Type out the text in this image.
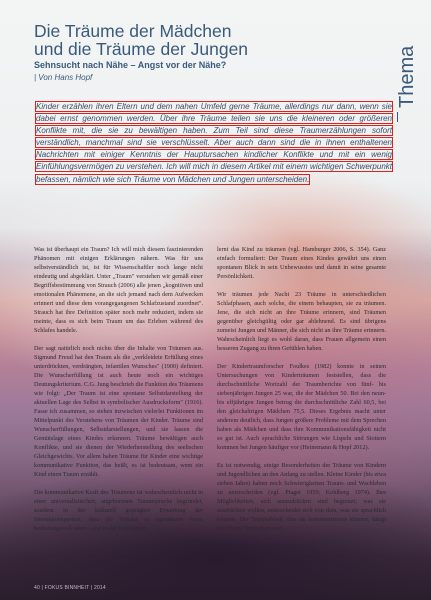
Die Träume der Mädchen
und die Träume der Jungen
Sehnsucht nach Nähe – Angst vor der Nähe?
| Von Hans Hopf	Thema
Kinder erzählen ihren Eltern und dem nahen Umfeld gerne Träume, allerdings nur dann, wenn sie dabei ernst genommen werden. Über ihre Träume teilen sie uns die kleineren oder größeren Konflikte mit, die sie zu bewältigen haben. Zum Teil sind diese Traumerzählungen sofort verständlich, manchmal sind sie verschlüsselt. Aber auch dann sind die in ihnen enthaltenen Nachrichten mit einiger Kenntnis der Hauptursachen kindlicher Konflikte und mit ein wenig Einfühlungsvermögen zu verstehen. Ich will mich in diesem Artikel mit einem wichtigen Schwerpunkt befassen, nämlich wie sich Träume von Mädchen und Jungen unterscheiden.

Was ist überhaupt ein Traum? Ich will mich diesem faszinierenden Phänomen mit einigen Erklärungen nähern. Was für uns selbstverständlich ist, ist für Wissenschaftler noch lange nicht eindeutig und abgeklärt. Unter „Traum" verstehen wir gemäß einer Begriffsbestimmung von Strauch (2006) alle jenen „kognitiven und emotionalen Phänomene, an die sich jemand nach dem Aufwecken erinnert und diese dem vorangegangenen Schlafzustand zuordnet". Strauch hat ihre Definition später noch mehr reduziert, indem sie meinte, dass es sich beim Traum um das Erleben während des Schlafes handele.

Der sagt natürlich noch nichts über die Inhalte von Träumen aus. Sigmund Freud hat den Traum als die „verkleidete Erfüllung eines unterdrückten, verdrängten, infantilen Wunsches" (1900) definiert. Die Wunscherfüllung ist auch heute noch ein wichtiges Deutungskriterium. C.G. Jung beschrieb die Funktion des Träumens wie folgt: „Der Traum ist eine spontane Selbstdarstellung der aktuellen Lage des Selbst in symbolischer Ausdrucksform" (1916). Fasse ich zusammen, so stehen inzwischen vielerlei Funktionen im Mittelpunkt des Verstehens von Träumen der Kinder. Träume sind Wunscherfüllungen, Selbstdarstellungen, und sie lassen die Gemütslage eines Kindes erkennen. Träume bewältigen auch Konflikte, und sie dienen der Wiederherstellung des seelischen Gleichgewichts. Vor allem haben Träume für Kinder eine wichtige kommunikative Funktion, das heißt, es ist bedeutsam, wem ein Kind einen Traum erzählt.

Die kommunikative Kraft des Träumens ist wahrscheinlich nicht in einer universalistischen, angeborenen Traumsprache begründet, sondern in der kulturell geprägten Erwartung der Interaktionspartner, dass die Träume in irgendeiner Form bedeutungsvoll seien – erst in der Interaktion

lernt das Kind zu träumen (vgl. Hamburger 2006, S. 354). Ganz einfach formuliert: Der Traum eines Kindes gewährt uns einen spontanen Blick in sein Unbewusstes und damit in seine gesamte Persönlichkeit.

Wir träumen jede Nacht 23 Träume in unterschiedlichen Schlafphasen, auch solche, die einem behaupten, sie zu träumen. Jene, die sich nicht an ihre Träume erinnern, sind Träumen gegenüber gleichgültig oder gar ablehnend. Es sind übrigens zumeist Jungen und Männer, die sich nicht an ihre Träume erinnern. Wahrscheinlich liegt es wohl daran, dass Frauen allgemein einen besseren Zugang zu ihren Gefühlen haben.

Der Kindertraumforscher Foulkes (1982) konnte in seinen Untersuchungen von Kinderträumen feststellen, dass die durchschnittliche Wortzahl der Traumberichte von fünf- bis siebenjährigen Jungen 25 war, die der Mädchen 50. Bei den neun- bis elfjährigen Jungen betrug die durchschnittliche Zahl 60,5, bei den gleichaltrigen Mädchen 75,5. Dieses Ergebnis macht unter anderem deutlich, dass Jungen größere Probleme mit dem Sprechen haben als Mädchen und dass ihre Kommunikationsfähigkeit nicht so gut ist. Auch sprachliche Störungen wie Lispeln und Stottern kommen bei Jungen häufiger vor (Heinemann & Hopf 2012).

Es ist notwendig, einige Besonderheiten der Träume von Kindern und Jugendlichen an den Anfang zu stellen. Kleine Kinder (bis etwa sieben Jahre) haben noch Schwierigkeiten Traum- und Wachleben zu unterscheiden (vgl. Piaget 1959; Kohlberg 1974). Ihre Möglichkeiten, sich auszudrücken sind begrenzt; was sie ausdrücken wollen, unterscheidet sich von dem, was sie sprachlich können. Der Traumablauf, den sie kommunizieren können, hängt von ihrem Wortschatz und

40 | FOKUS BINNHEIT | 2014
